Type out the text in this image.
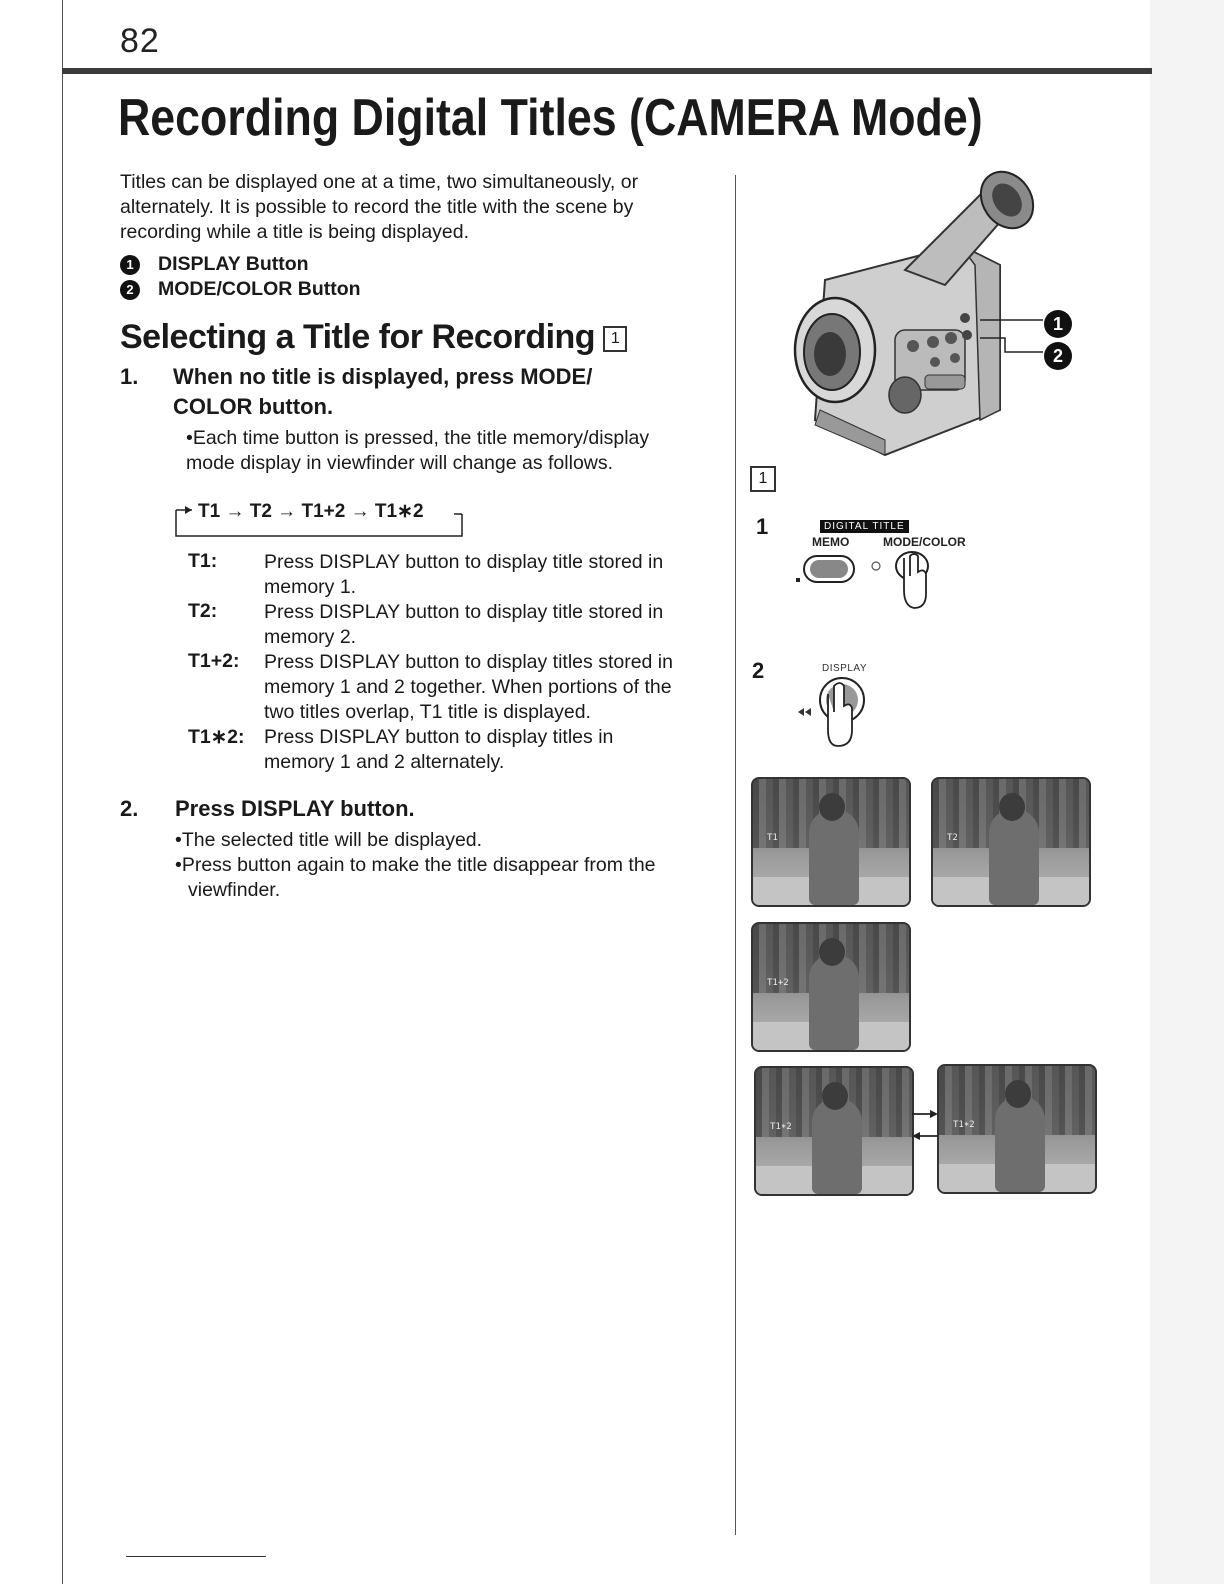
82
Recording Digital Titles (CAMERA Mode)
Titles can be displayed one at a time, two simultaneously, or alternately. It is possible to record the title with the scene by recording while a title is being displayed.
1	DISPLAY Button
2	MODE/COLOR Button
Selecting a Title for Recording 1
1. When no title is displayed, press MODE/
COLOR button.
•Each time button is pressed, the title memory/display
mode display in viewfinder will change as follows.
T1 → T2 → T1+2 → T1∗2
T1: Press DISPLAY button to display title stored in
memory 1.
T2: Press DISPLAY button to display title stored in
memory 2.
T1+2: Press DISPLAY button to display titles stored in
memory 1 and 2 together. When portions of the
two titles overlap, T1 title is displayed.
T1∗2: Press DISPLAY button to display titles in
memory 1 and 2 alternately.
2. Press DISPLAY button.
•The selected title will be displayed.
•Press button again to make the title disappear from the
viewfinder.
1
2
1
1	DIGITAL TITLE
MEMO	MODE/COLOR
2	DISPLAY
T1	T2
T1+2
T1∗2	T1∗2
